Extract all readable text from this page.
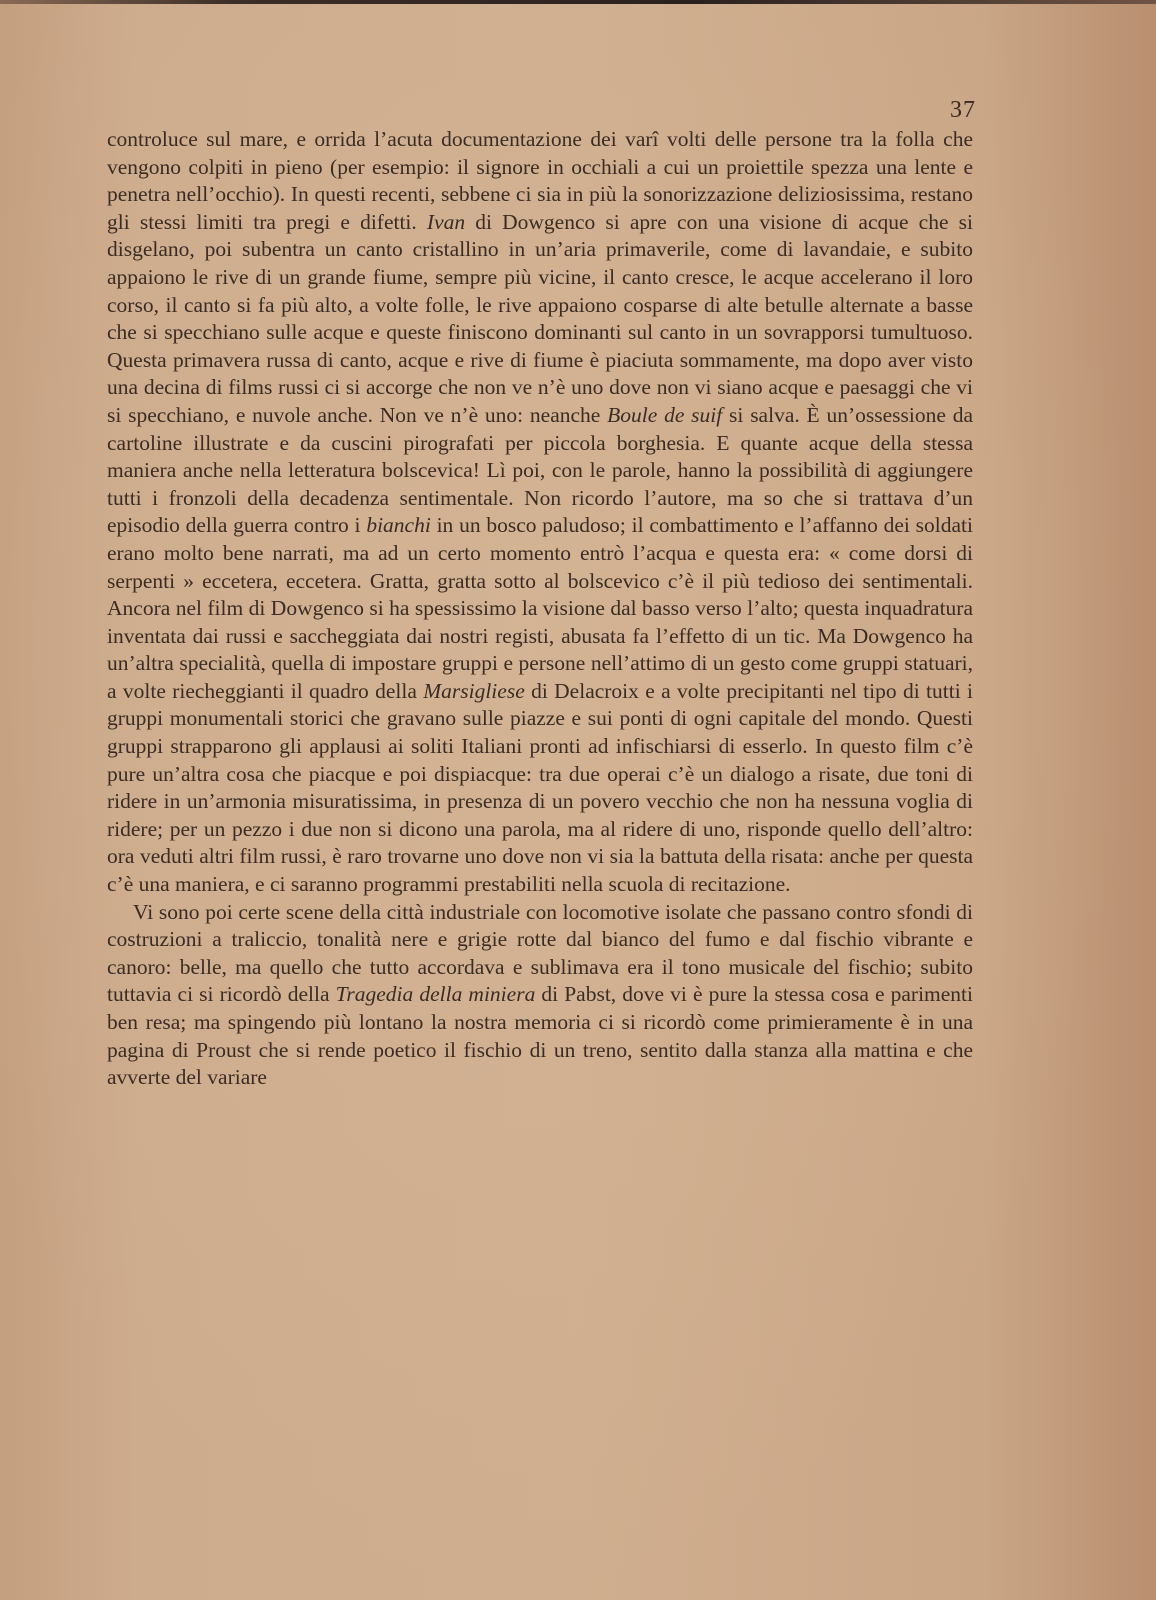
37

controluce sul mare, e orrida l’acuta documentazione dei varî volti delle persone tra la folla che vengono colpiti in pieno (per esempio: il signore in occhiali a cui un proiettile spezza una lente e penetra nell’occhio). In questi recenti, sebbene ci sia in più la sonorizzazione deliziosissima, restano gli stessi limiti tra pregi e difetti. Ivan di Dowgenco si apre con una visione di acque che si disgelano, poi subentra un canto cristallino in un’aria primaverile, come di lavandaie, e subito appaiono le rive di un grande fiume, sempre più vicine, il canto cresce, le acque accelerano il loro corso, il canto si fa più alto, a volte folle, le rive appaiono cosparse di alte betulle alternate a basse che si specchiano sulle acque e queste finiscono dominanti sul canto in un sovrapporsi tumultuoso. Questa primavera russa di canto, acque e rive di fiume è piaciuta sommamente, ma dopo aver visto una decina di films russi ci si accorge che non ve n’è uno dove non vi siano acque e paesaggi che vi si specchiano, e nuvole anche. Non ve n’è uno: neanche Boule de suif si salva. È un’ossessione da cartoline illustrate e da cuscini pirografati per piccola borghesia. E quante acque della stessa maniera anche nella letteratura bolscevica! Lì poi, con le parole, hanno la possibilità di aggiungere tutti i fronzoli della decadenza sentimentale. Non ricordo l’autore, ma so che si trattava d’un episodio della guerra contro i bianchi in un bosco paludoso; il combattimento e l’affanno dei soldati erano molto bene narrati, ma ad un certo momento entrò l’acqua e questa era: « come dorsi di serpenti » eccetera, eccetera. Gratta, gratta sotto al bolscevico c’è il più tedioso dei sentimentali. Ancora nel film di Dowgenco si ha spessissimo la visione dal basso verso l’alto; questa inquadratura inventata dai russi e saccheggiata dai nostri registi, abusata fa l’effetto di un tic. Ma Dowgenco ha un’altra specialità, quella di impostare gruppi e persone nell’attimo di un gesto come gruppi statuari, a volte riecheggianti il quadro della Marsigliese di Delacroix e a volte precipitanti nel tipo di tutti i gruppi monumentali storici che gravano sulle piazze e sui ponti di ogni capitale del mondo. Questi gruppi strapparono gli applausi ai soliti Italiani pronti ad infischiarsi di esserlo. In questo film c’è pure un’altra cosa che piacque e poi dispiacque: tra due operai c’è un dialogo a risate, due toni di ridere in un’armonia misuratissima, in presenza di un povero vecchio che non ha nessuna voglia di ridere; per un pezzo i due non si dicono una parola, ma al ridere di uno, risponde quello dell’altro: ora veduti altri film russi, è raro trovarne uno dove non vi sia la battuta della risata: anche per questa c’è una maniera, e ci saranno programmi prestabiliti nella scuola di recitazione.

Vi sono poi certe scene della città industriale con locomotive isolate che passano contro sfondi di costruzioni a traliccio, tonalità nere e grigie rotte dal bianco del fumo e dal fischio vibrante e canoro: belle, ma quello che tutto accordava e sublimava era il tono musicale del fischio; subito tuttavia ci si ricordò della Tragedia della miniera di Pabst, dove vi è pure la stessa cosa e parimenti ben resa; ma spingendo più lontano la nostra memoria ci si ricordò come primieramente è in una pagina di Proust che si rende poetico il fischio di un treno, sentito dalla stanza alla mattina e che avverte del variare
